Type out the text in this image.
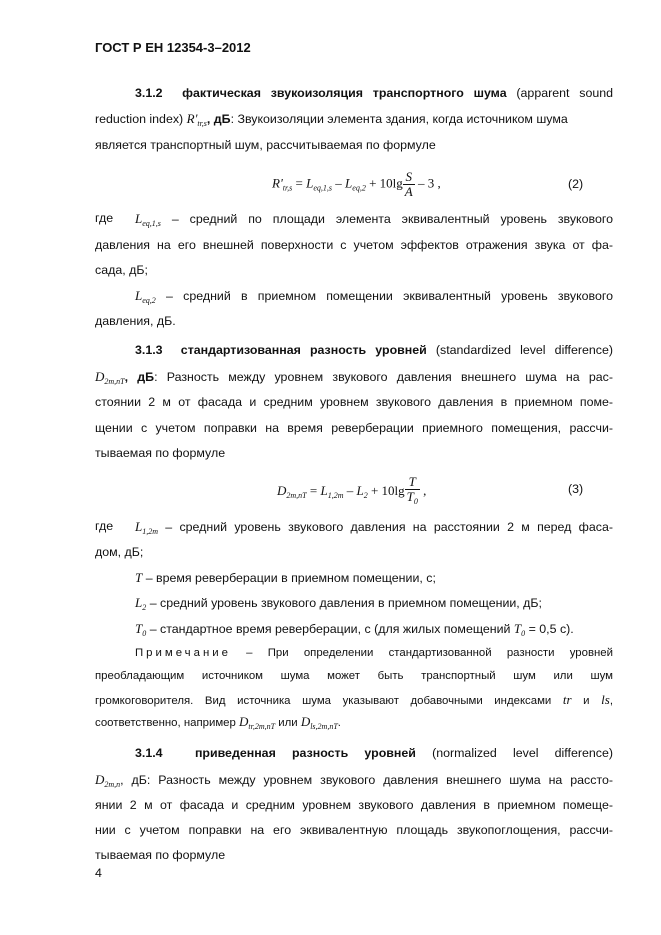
ГОСТ Р ЕН 12354-3–2012
3.1.2 фактическая звукоизоляция транспортного шума (apparent sound
reduction index) $R'_{tr,s}$, дБ: Звукоизоляции элемента здания, когда источником шума
является транспортный шум, рассчитываемая по формуле
$R'_{tr,s} = L_{eq,1,s} - L_{eq,2} + 10\lg \frac{S}{A} - 3$ ,	(2)
где	$L_{eq,1,s}$ – средний по площади элемента эквивалентный уровень звукового
давления на его внешней поверхности с учетом эффектов отражения звука от фа-
сада, дБ;
$L_{eq,2}$ – средний в приемном помещении эквивалентный уровень звукового
давления, дБ.
3.1.3 стандартизованная разность уровней (standardized level difference)
$D_{2m,nT}$, дБ: Разность между уровнем звукового давления внешнего шума на рас-
стоянии 2 м от фасада и средним уровнем звукового давления в приемном поме-
щении с учетом поправки на время реверберации приемного помещения, рассчи-
тываемая по формуле
$D_{2m,nT} = L_{1,2m} - L_2 + 10\lg \frac{T}{T_0}$ ,	(3)
где	$L_{1,2m}$ – средний уровень звукового давления на расстоянии 2 м перед фаса-
дом, дБ;
T – время реверберации в приемном помещении, с;
$L_2$ – средний уровень звукового давления в приемном помещении, дБ;
$T_0$ – стандартное время реверберации, с (для жилых помещений $T_0 = 0,5$ с).
Примечание – При определении стандартизованной разности уровней
преобладающим источником шума может быть транспортный шум или шум
громкоговорителя. Вид источника шума указывают добавочными индексами tr и ls,
соответственно, например $D_{tr,2m,nT}$ или $D_{ls,2m,nT}$.
3.1.4	приведенная разность уровней (normalized level difference)
$D_{2m,n}$, дБ: Разность между уровнем звукового давления внешнего шума на рассто-
янии 2 м от фасада и средним уровнем звукового давления в приемном помеще-
нии с учетом поправки на его эквивалентную площадь звукопоглощения, рассчи-
тываемая по формуле
4
